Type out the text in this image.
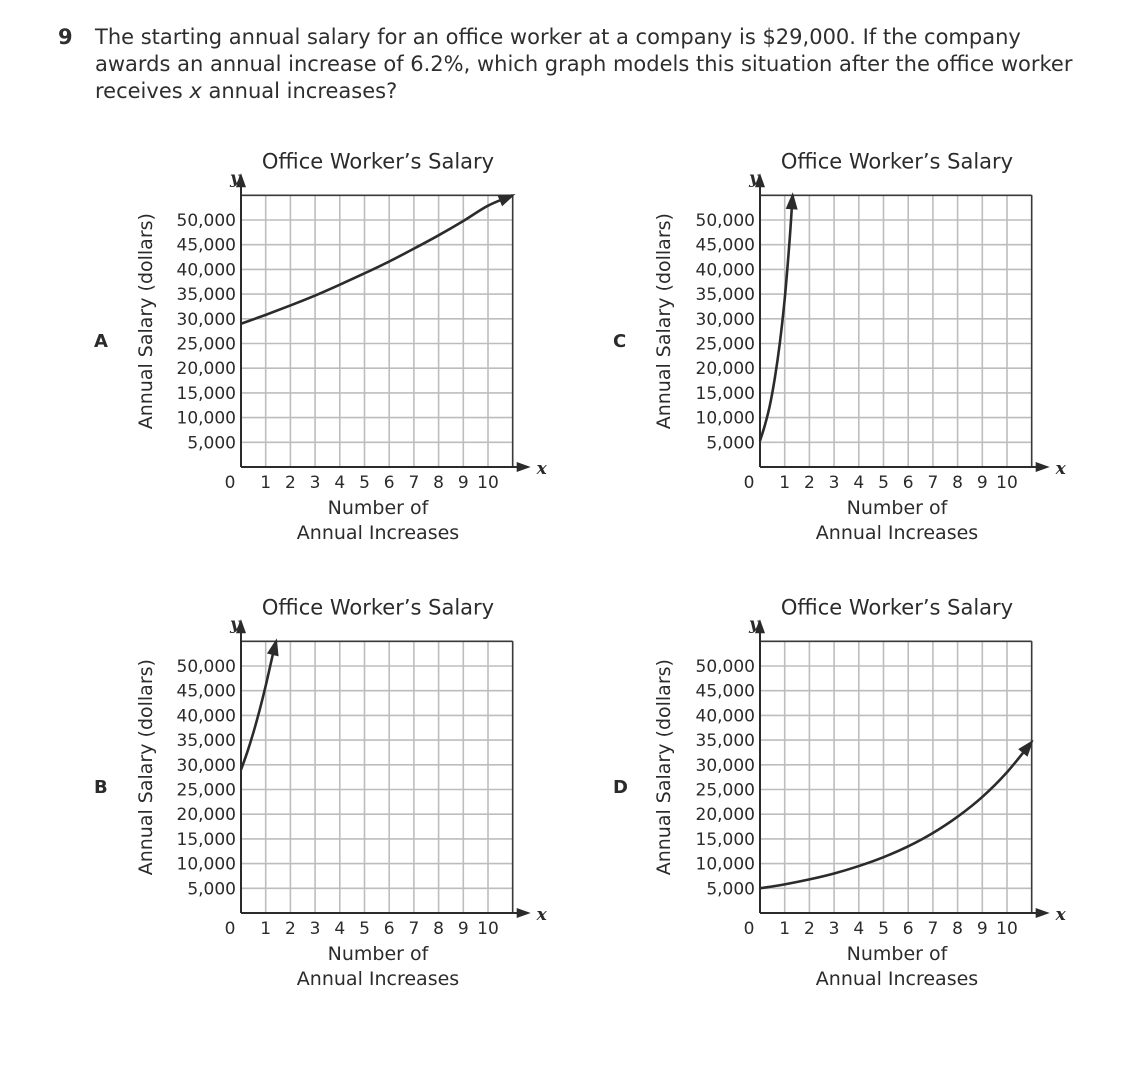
9 The starting annual salary for an office worker at a company is $29,000. If the company awards an annual increase of 6.2%, which graph models this situation after the office worker receives x annual increases?
A
y
x
Office Worker’s Salary
5,000
10,000
15,000
20,000
25,000
30,000
35,000
40,000
45,000
50,000
0 1 2 3 4 5 6 7 8 9 10
Number of
Annual Increases
Annual Salary (dollars)	C
y
x
Office Worker’s Salary
5,000
10,000
15,000
20,000
25,000
30,000
35,000
40,000
45,000
50,000
0 1 2 3 4 5 6 7 8 9 10
Number of
Annual Increases
Annual Salary (dollars)
B
y
x
Office Worker’s Salary
5,000
10,000
15,000
20,000
25,000
30,000
35,000
40,000
45,000
50,000
0 1 2 3 4 5 6 7 8 9 10
Number of
Annual Increases
Annual Salary (dollars)	D
y
x
Office Worker’s Salary
5,000
10,000
15,000
20,000
25,000
30,000
35,000
40,000
45,000
50,000
0 1 2 3 4 5 6 7 8 9 10
Number of
Annual Increases
Annual Salary (dollars)
